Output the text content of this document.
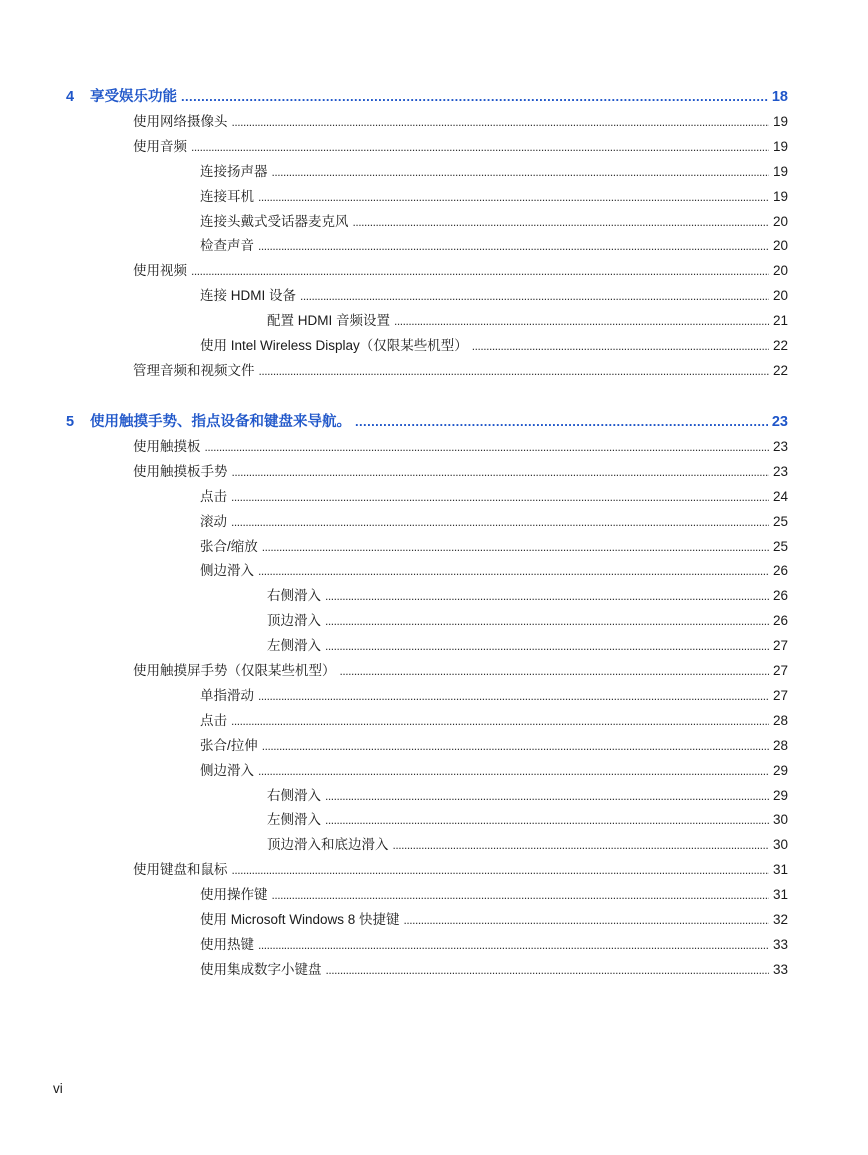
4 享受娱乐功能 . . .	18
使用网络摄像头 . . .	19
使用音频 . . .	19
连接扬声器 . . .	19
连接耳机 . . .	19
连接头戴式受话器麦克风 . . .	20
检查声音 . . .	20
使用视频 . . .	20
连接 HDMI 设备 . . .	20
配置 HDMI 音频设置 . . .	21
使用 Intel Wireless Display（仅限某些机型） . . .	22
管理音频和视频文件 . . .	22
5 使用触摸手势、指点设备和键盘来导航。 . . .	23
使用触摸板 . . .	23
使用触摸板手势 . . .	23
点击 . . .	24
滚动 . . .	25
张合/缩放 . . .	25
侧边滑入 . . .	26
右侧滑入 . . .	26
顶边滑入 . . .	26
左侧滑入 . . .	27
使用触摸屏手势（仅限某些机型） . . .	27
单指滑动 . . .	27
点击 . . .	28
张合/拉伸 . . .	28
侧边滑入 . . .	29
右侧滑入 . . .	29
左侧滑入 . . .	30
顶边滑入和底边滑入 . . .	30
使用键盘和鼠标 . . .	31
使用操作键 . . .	31
使用 Microsoft Windows 8 快捷键 . . .	32
使用热键 . . .	33
使用集成数字小键盘 . . .	33
vi
